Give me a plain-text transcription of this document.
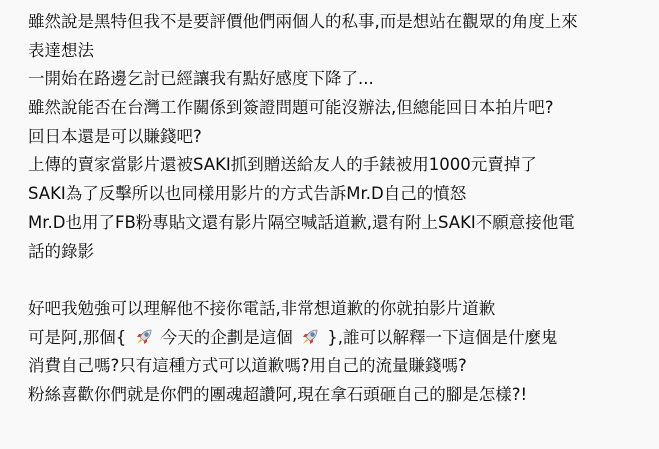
雖然說是黑特但我不是要評價他們兩個人的私事,而是想站在觀眾的角度上來
表達想法
一開始在路邊乞討已經讓我有點好感度下降了...
雖然說能否在台灣工作關係到簽證問題可能沒辦法,但總能回日本拍片吧?
回日本還是可以賺錢吧?
上傳的賣家當影片還被SAKI抓到贈送給友人的手錶被用1000元賣掉了
SAKI為了反擊所以也同樣用影片的方式告訴Mr.D自己的憤怒
Mr.D也用了FB粉專貼文還有影片隔空喊話道歉,還有附上SAKI不願意接他電
話的錄影
好吧我勉強可以理解他不接你電話,非常想道歉的你就拍影片道歉
可是阿,那個{ 今天的企劃是這個 },誰可以解釋一下這個是什麼鬼
消費自己嗎?只有這種方式可以道歉嗎?用自己的流量賺錢嗎?
粉絲喜歡你們就是你們的團魂超讚阿,現在拿石頭砸自己的腳是怎樣?!
